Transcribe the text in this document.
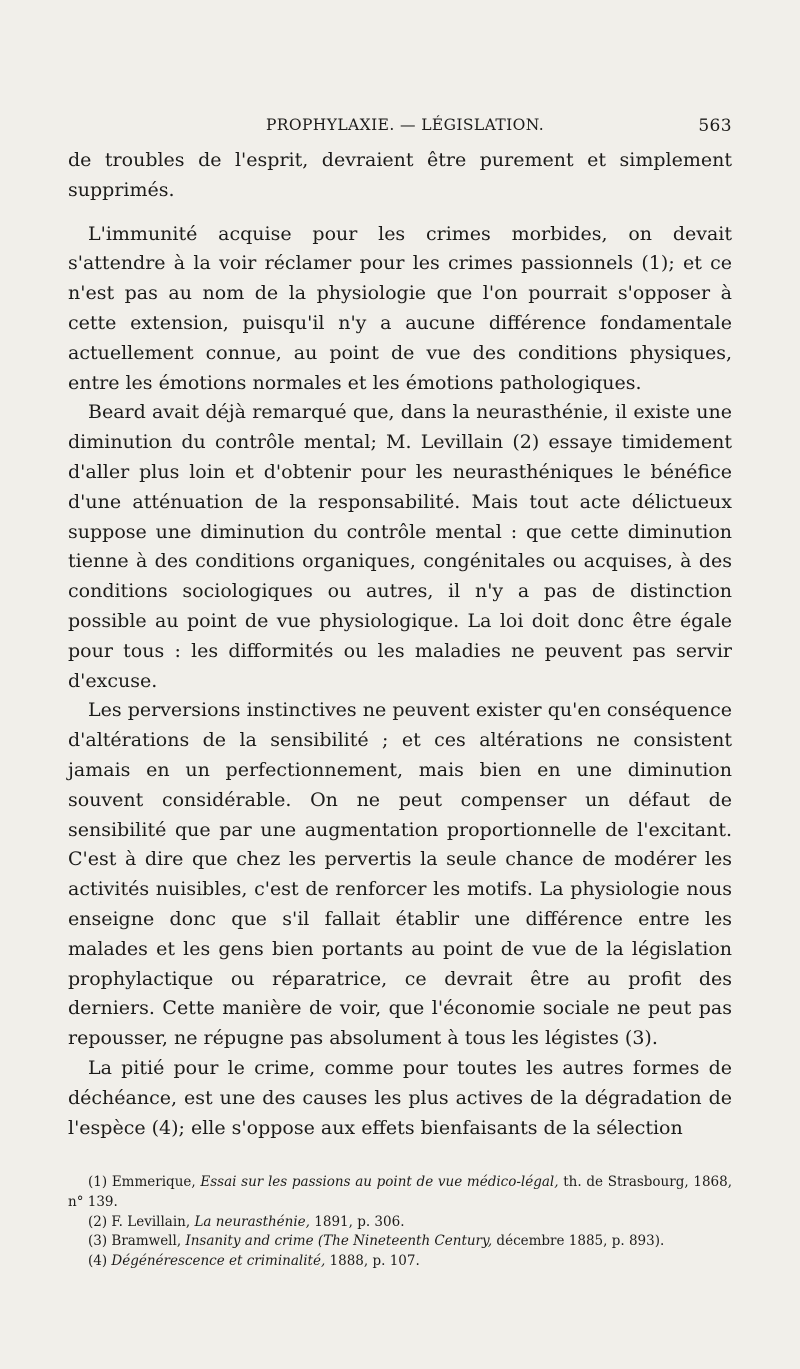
PROPHYLAXIE. — LÉGISLATION.	563

de troubles de l'esprit, devraient être purement et simplement supprimés.

L'immunité acquise pour les crimes morbides, on devait s'attendre à la voir réclamer pour les crimes passionnels (1); et ce n'est pas au nom de la physiologie que l'on pourrait s'opposer à cette extension, puisqu'il n'y a aucune différence fondamentale actuellement connue, au point de vue des conditions physiques, entre les émotions normales et les émotions pathologiques.

Beard avait déjà remarqué que, dans la neurasthénie, il existe une diminution du contrôle mental; M. Levillain (2) essaye timidement d'aller plus loin et d'obtenir pour les neurasthéniques le bénéfice d'une atténuation de la responsabilité. Mais tout acte délictueux suppose une diminution du contrôle mental : que cette diminution tienne à des conditions organiques, congénitales ou acquises, à des conditions sociologiques ou autres, il n'y a pas de distinction possible au point de vue physiologique. La loi doit donc être égale pour tous : les difformités ou les maladies ne peuvent pas servir d'excuse.

Les perversions instinctives ne peuvent exister qu'en conséquence d'altérations de la sensibilité ; et ces altérations ne consistent jamais en un perfectionnement, mais bien en une diminution souvent considérable. On ne peut compenser un défaut de sensibilité que par une augmentation proportionnelle de l'excitant. C'est à dire que chez les pervertis la seule chance de modérer les activités nuisibles, c'est de renforcer les motifs. La physiologie nous enseigne donc que s'il fallait établir une différence entre les malades et les gens bien portants au point de vue de la législation prophylactique ou réparatrice, ce devrait être au profit des derniers. Cette manière de voir, que l'économie sociale ne peut pas repousser, ne répugne pas absolument à tous les légistes (3).

La pitié pour le crime, comme pour toutes les autres formes de déchéance, est une des causes les plus actives de la dégradation de l'espèce (4); elle s'oppose aux effets bienfaisants de la sélection

(1) Emmerique, Essai sur les passions au point de vue médico-légal, th. de Strasbourg, 1868, n° 139.

(2) F. Levillain, La neurasthénie, 1891, p. 306.

(3) Bramwell, Insanity and crime (The Nineteenth Century, décembre 1885, p. 893).

(4) Dégénérescence et criminalité, 1888, p. 107.
